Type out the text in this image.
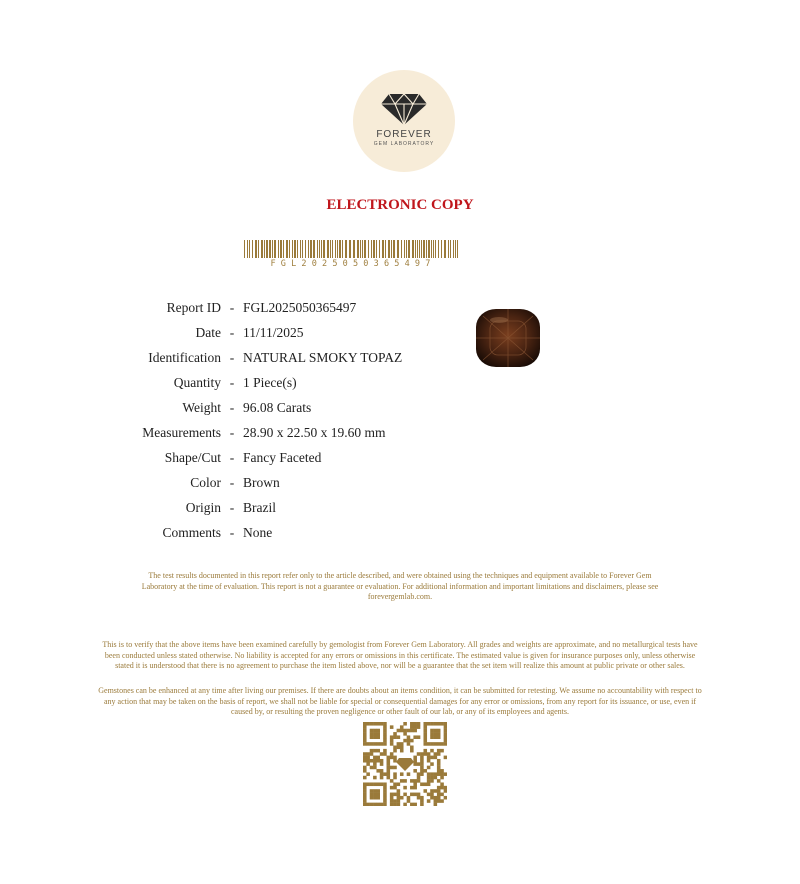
FOREVER
GEM LABORATORY
ELECTRONIC COPY
FGL2025050365497
Report ID - FGL2025050365497
Date - 11/11/2025
Identification - NATURAL SMOKY TOPAZ
Quantity - 1 Piece(s)
Weight - 96.08 Carats
Measurements - 28.90 x 22.50 x 19.60 mm
Shape/Cut - Fancy Faceted
Color - Brown
Origin - Brazil
Comments - None
The test results documented in this report refer only to the article described, and were obtained using the techniques and equipment available to Forever Gem Laboratory at the time of evaluation. This report is not a guarantee or evaluation. For additional information and important limitations and disclaimers, please see forevergemlab.com.
This is to verify that the above items have been examined carefully by gemologist from Forever Gem Laboratory. All grades and weights are approximate, and no metallurgical tests have been conducted unless stated otherwise. No liability is accepted for any errors or omissions in this certificate. The estimated value is given for insurance purposes only, unless otherwise stated it is understood that there is no agreement to purchase the item listed above, nor will be a guarantee that the set item will realize this amount at public private or other sales.
Gemstones can be enhanced at any time after living our premises. If there are doubts about an items condition, it can be submitted for retesting. We assume no accountability with respect to any action that may be taken on the basis of report, we shall not be liable for special or consequential damages for any error or omissions, from any report for its issuance, or use, even if caused by, or resulting the proven negligence or other fault of our lab, or any of its employees and agents.
